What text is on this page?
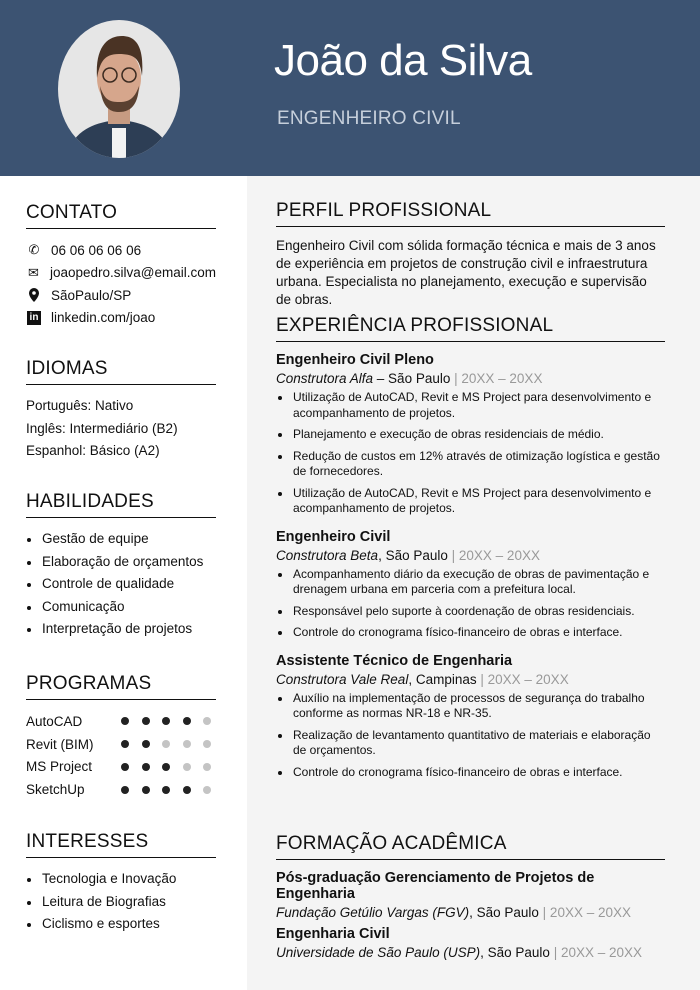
João da Silva
ENGENHEIRO CIVIL
CONTATO
✆ 06 06 06 06 06
✉ joaopedro.silva@email.com
SãoPaulo/SP
in linkedin.com/joao
IDIOMAS
Português: Nativo
Inglês: Intermediário (B2)
Espanhol: Básico (A2)
HABILIDADES
Gestão de equipe
Elaboração de orçamentos
Controle de qualidade
Comunicação
Interpretação de projetos
PROGRAMAS
AutoCAD
Revit (BIM)
MS Project
SketchUp
INTERESSES
Tecnologia e Inovação
Leitura de Biografias
Ciclismo e esportes
PERFIL PROFISSIONAL

Engenheiro Civil com sólida formação técnica e mais de 3 anos de experiência em projetos de construção civil e infraestrutura urbana. Especialista no planejamento, execução e supervisão de obras.

EXPERIÊNCIA PROFISSIONAL
Engenheiro Civil Pleno
Construtora Alfa – São Paulo | 20XX – 20XX
Utilização de AutoCAD, Revit e MS Project para desenvolvimento e acompanhamento de projetos.
Planejamento e execução de obras residenciais de médio.
Redução de custos em 12% através de otimização logística e gestão de fornecedores.
Utilização de AutoCAD, Revit e MS Project para desenvolvimento e acompanhamento de projetos.
Engenheiro Civil
Construtora Beta, São Paulo | 20XX – 20XX
Acompanhamento diário da execução de obras de pavimentação e drenagem urbana em parceria com a prefeitura local.
Responsável pelo suporte à coordenação de obras residenciais.
Controle do cronograma físico-financeiro de obras e interface.
Assistente Técnico de Engenharia
Construtora Vale Real, Campinas | 20XX – 20XX
Auxílio na implementação de processos de segurança do trabalho conforme as normas NR-18 e NR-35.
Realização de levantamento quantitativo de materiais e elaboração de orçamentos.
Controle do cronograma físico-financeiro de obras e interface.
FORMAÇÃO ACADÊMICA
Pós-graduação Gerenciamento de Projetos de Engenharia
Fundação Getúlio Vargas (FGV), São Paulo | 20XX – 20XX
Engenharia Civil
Universidade de São Paulo (USP), São Paulo | 20XX – 20XX
